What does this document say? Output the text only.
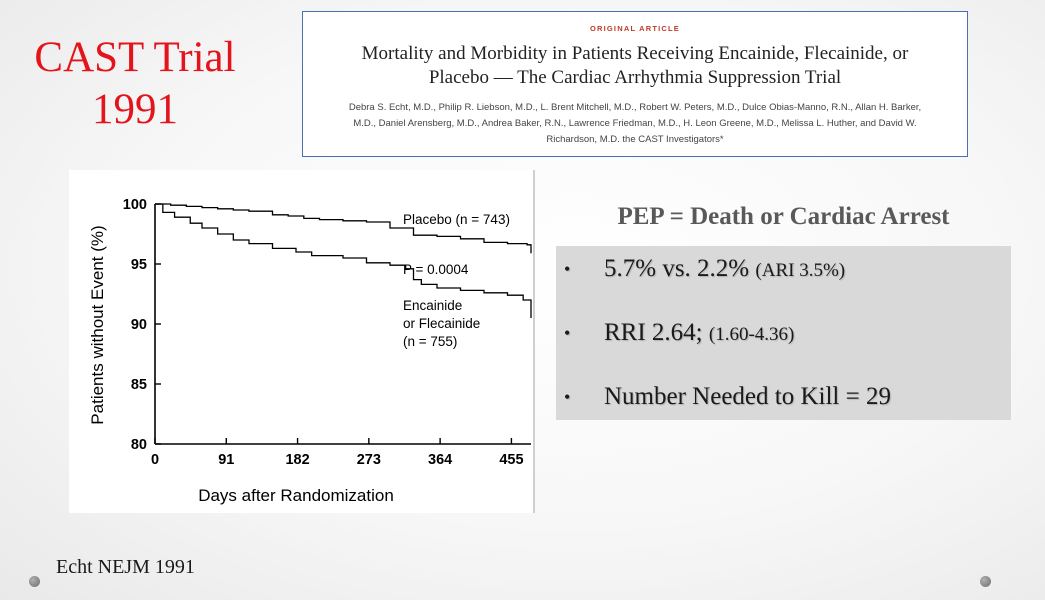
CAST Trial
1991
ORIGINAL ARTICLE
Mortality and Morbidity in Patients Receiving Encainide, Flecainide, or
Placebo — The Cardiac Arrhythmia Suppression Trial
Debra S. Echt, M.D., Philip R. Liebson, M.D., L. Brent Mitchell, M.D., Robert W. Peters, M.D., Dulce Obias-Manno, R.N., Allan H. Barker,
M.D., Daniel Arensberg, M.D., Andrea Baker, R.N., Lawrence Friedman, M.D., H. Leon Greene, M.D., Melissa L. Huther, and David W.
Richardson, M.D. the CAST Investigators*
80
85
90
95
100
0	91	182	273	364	455
Placebo (n = 743)
P = 0.0004
Encainide
or Flecainide
(n = 755)
Days after Randomization
Patients without Event (%)
PEP = Death or Cardiac Arrest
• 5.7% vs. 2.2% (ARI 3.5%)
• RRI 2.64; (1.60-4.36)
• Number Needed to Kill = 29
Echt NEJM 1991
